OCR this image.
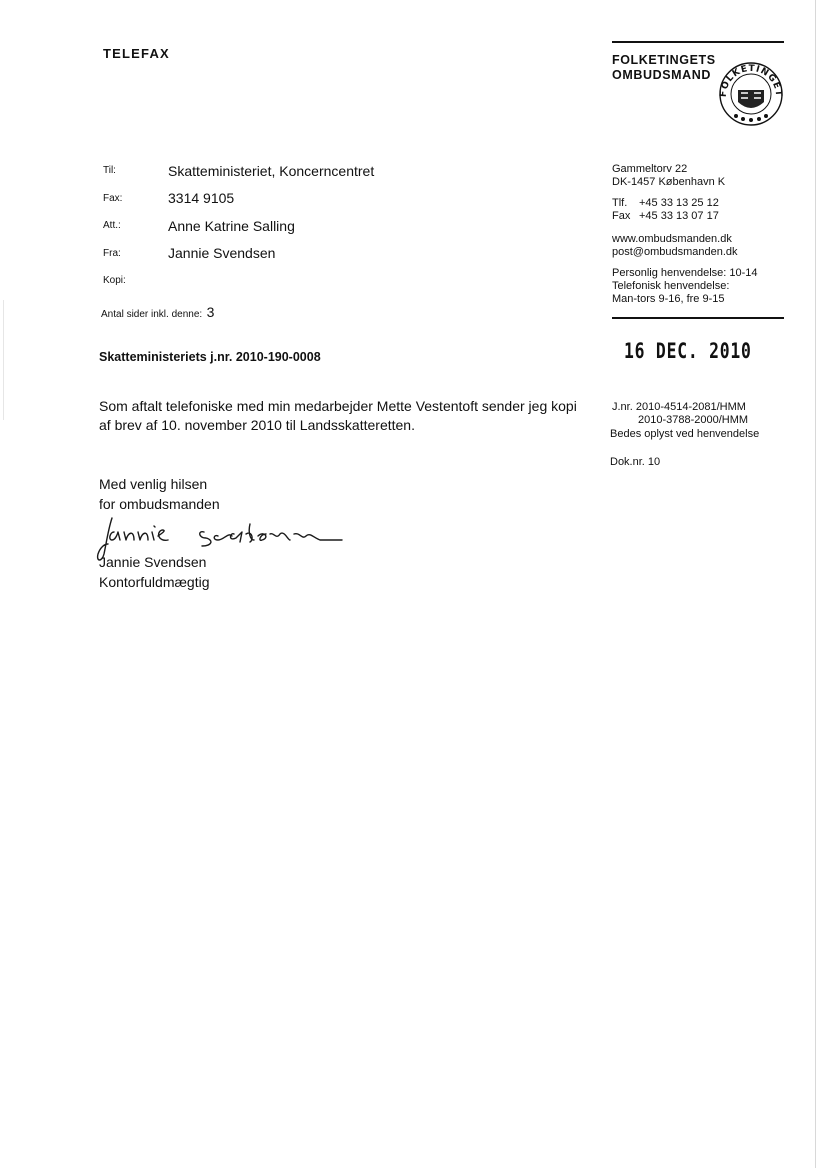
TELEFAX	FOLKETINGETS
OMBUDSMAND
FOLKETINGET
Gammeltorv 22
DK-1457 København K
Tlf. +45 33 13 25 12
Fax +45 33 13 07 17
www.ombudsmanden.dk
post@ombudsmanden.dk
Personlig henvendelse: 10-14
Telefonisk henvendelse:
Man-tors 9-16, fre 9-15
16 DEC. 2010
J.nr. 2010-4514-2081/HMM
2010-3788-2000/HMM
Bedes oplyst ved henvendelse
Dok.nr. 10
Til:	Skatteministeriet, Koncerncentret
Fax:	3314 9105
Att.:	Anne Katrine Salling
Fra:	Jannie Svendsen
Kopi:
Antal sider inkl. denne: 3
Skatteministeriets j.nr. 2010-190-0008
Som aftalt telefoniske med min medarbejder Mette Vestentoft sender jeg kopi
af brev af 10. november 2010 til Landsskatteretten.
Med venlig hilsen
for ombudsmanden
Jannie Svendsen
Kontorfuldmægtig
